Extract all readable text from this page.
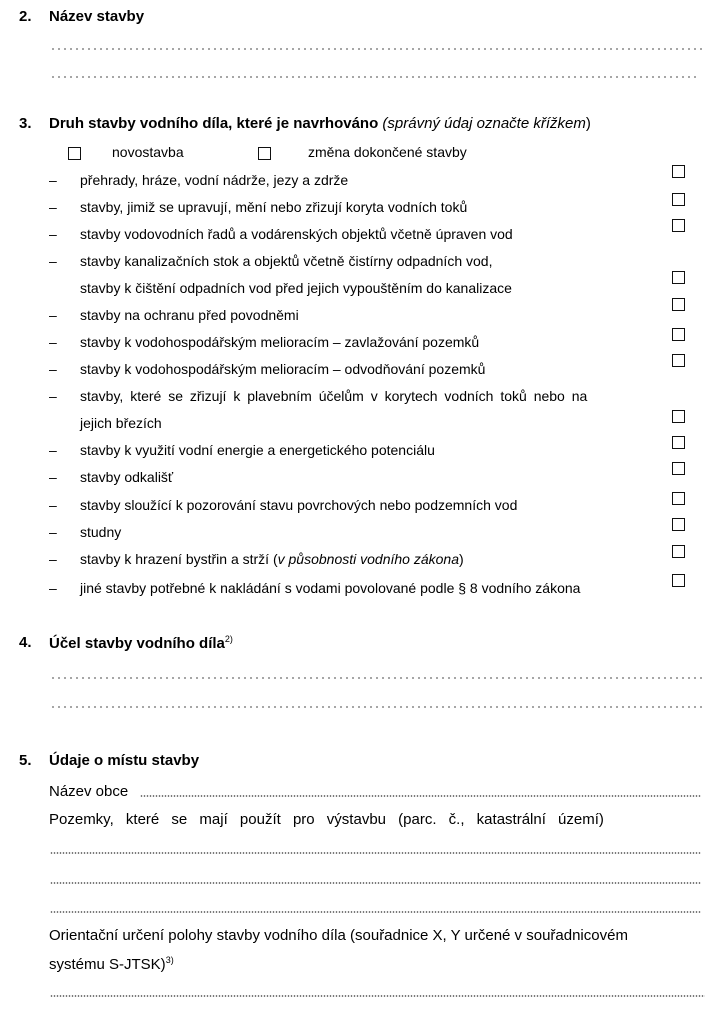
2. Název stavby
3. Druh stavby vodního díla, které je navrhováno (správný údaj označte křížkem)
novostavba	změna dokončené stavby
– přehrady, hráze, vodní nádrže, jezy a zdrže
– stavby, jimiž se upravují, mění nebo zřizují koryta vodních toků
– stavby vodovodních řadů a vodárenských objektů včetně úpraven vod
– stavby kanalizačních stok a objektů včetně čistírny odpadních vod,
stavby k čištění odpadních vod před jejich vypouštěním do kanalizace
– stavby na ochranu před povodněmi
– stavby k vodohospodářským melioracím – zavlažování pozemků
– stavby k vodohospodářským melioracím – odvodňování pozemků
– stavby, které se zřizují k plavebním účelům v korytech vodních toků nebo na
jejich březích
– stavby k využití vodní energie a energetického potenciálu
– stavby odkališť
– stavby sloužící k pozorování stavu povrchových nebo podzemních vod
– studny
– stavby k hrazení bystřin a strží (v působnosti vodního zákona)
– jiné stavby potřebné k nakládání s vodami povolované podle § 8 vodního zákona
4. Účel stavby vodního díla$^{2)}$
5. Údaje o místu stavby
Název obce
Pozemky, které se mají použít pro výstavbu (parc. č., katastrální území)
Orientační určení polohy stavby vodního díla (souřadnice X, Y určené v souřadnicovém
systému S-JTSK)$^{3)}$
